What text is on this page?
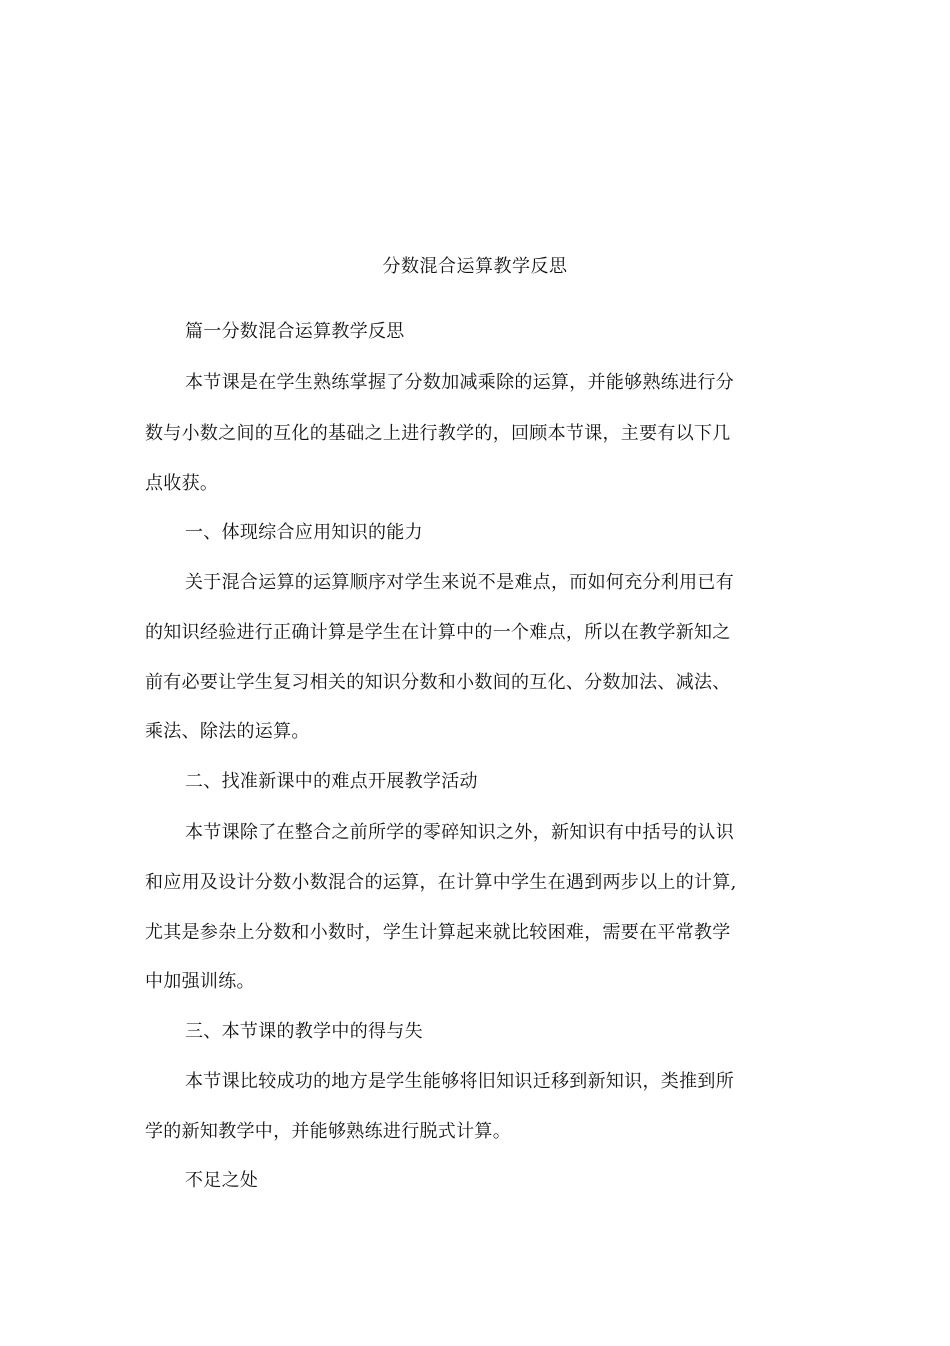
分数混合运算教学反思
篇一分数混合运算教学反思
本节课是在学生熟练掌握了分数加减乘除的运算，并能够熟练进行分
数与小数之间的互化的基础之上进行教学的，回顾本节课，主要有以下几
点收获。
一、体现综合应用知识的能力
关于混合运算的运算顺序对学生来说不是难点，而如何充分利用已有
的知识经验进行正确计算是学生在计算中的一个难点，所以在教学新知之
前有必要让学生复习相关的知识分数和小数间的互化、分数加法、减法、
乘法、除法的运算。
二、找准新课中的难点开展教学活动
本节课除了在整合之前所学的零碎知识之外，新知识有中括号的认识
和应用及设计分数小数混合的运算，在计算中学生在遇到两步以上的计算,
尤其是参杂上分数和小数时，学生计算起来就比较困难，需要在平常教学
中加强训练。
三、本节课的教学中的得与失
本节课比较成功的地方是学生能够将旧知识迁移到新知识，类推到所
学的新知教学中，并能够熟练进行脱式计算。
不足之处
